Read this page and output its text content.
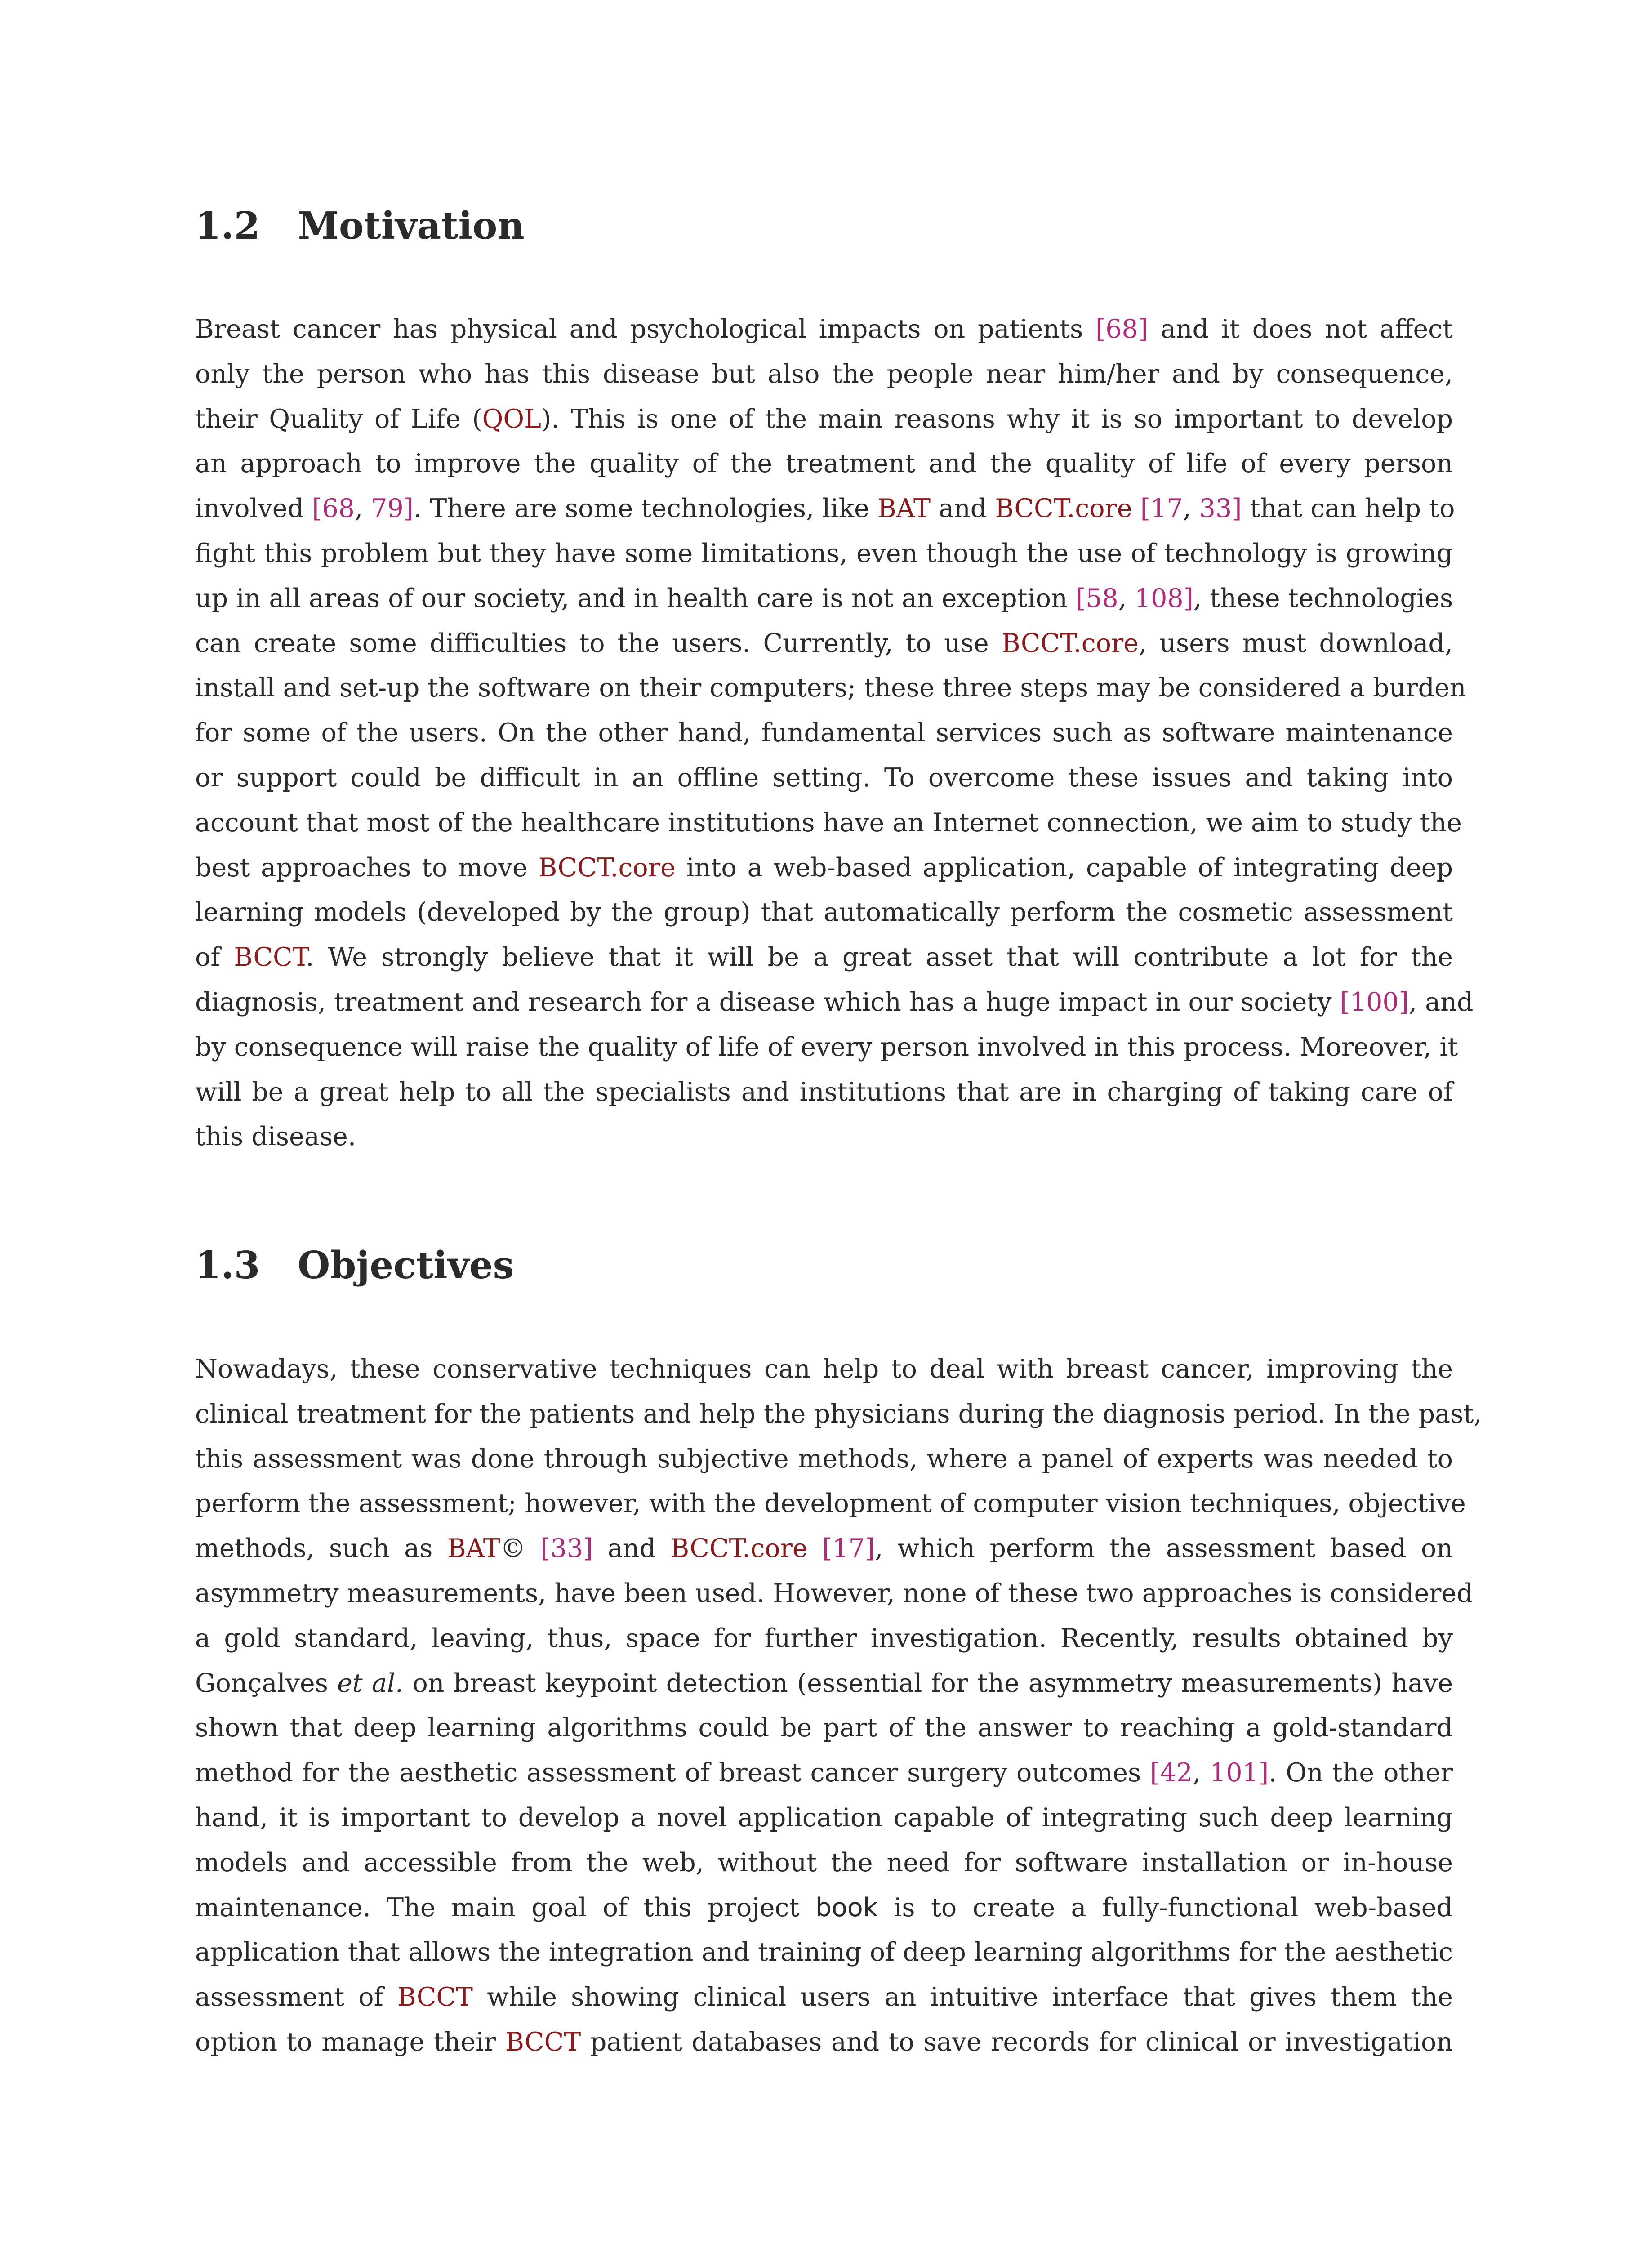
1.2 Motivation
Breast cancer has physical and psychological impacts on patients [68] and it does not affect
only the person who has this disease but also the people near him/her and by consequence,
their Quality of Life (QOL). This is one of the main reasons why it is so important to develop
an approach to improve the quality of the treatment and the quality of life of every person
involved [68, 79]. There are some technologies, like BAT and BCCT.core [17, 33] that can help to
fight this problem but they have some limitations, even though the use of technology is growing
up in all areas of our society, and in health care is not an exception [58, 108], these technologies
can create some difficulties to the users. Currently, to use BCCT.core, users must download,
install and set-up the software on their computers; these three steps may be considered a burden
for some of the users. On the other hand, fundamental services such as software maintenance
or support could be difficult in an offline setting. To overcome these issues and taking into
account that most of the healthcare institutions have an Internet connection, we aim to study the
best approaches to move BCCT.core into a web-based application, capable of integrating deep
learning models (developed by the group) that automatically perform the cosmetic assessment
of BCCT. We strongly believe that it will be a great asset that will contribute a lot for the
diagnosis, treatment and research for a disease which has a huge impact in our society [100], and
by consequence will raise the quality of life of every person involved in this process. Moreover, it
will be a great help to all the specialists and institutions that are in charging of taking care of
this disease.
1.3 Objectives
Nowadays, these conservative techniques can help to deal with breast cancer, improving the
clinical treatment for the patients and help the physicians during the diagnosis period. In the past,
this assessment was done through subjective methods, where a panel of experts was needed to
perform the assessment; however, with the development of computer vision techniques, objective
methods, such as BAT© [33] and BCCT.core [17], which perform the assessment based on
asymmetry measurements, have been used. However, none of these two approaches is considered
a gold standard, leaving, thus, space for further investigation. Recently, results obtained by
Gonçalves et al. on breast keypoint detection (essential for the asymmetry measurements) have
shown that deep learning algorithms could be part of the answer to reaching a gold-standard
method for the aesthetic assessment of breast cancer surgery outcomes [42, 101]. On the other
hand, it is important to develop a novel application capable of integrating such deep learning
models and accessible from the web, without the need for software installation or in-house
maintenance. The main goal of this project book is to create a fully-functional web-based
application that allows the integration and training of deep learning algorithms for the aesthetic
assessment of BCCT while showing clinical users an intuitive interface that gives them the
option to manage their BCCT patient databases and to save records for clinical or investigation
